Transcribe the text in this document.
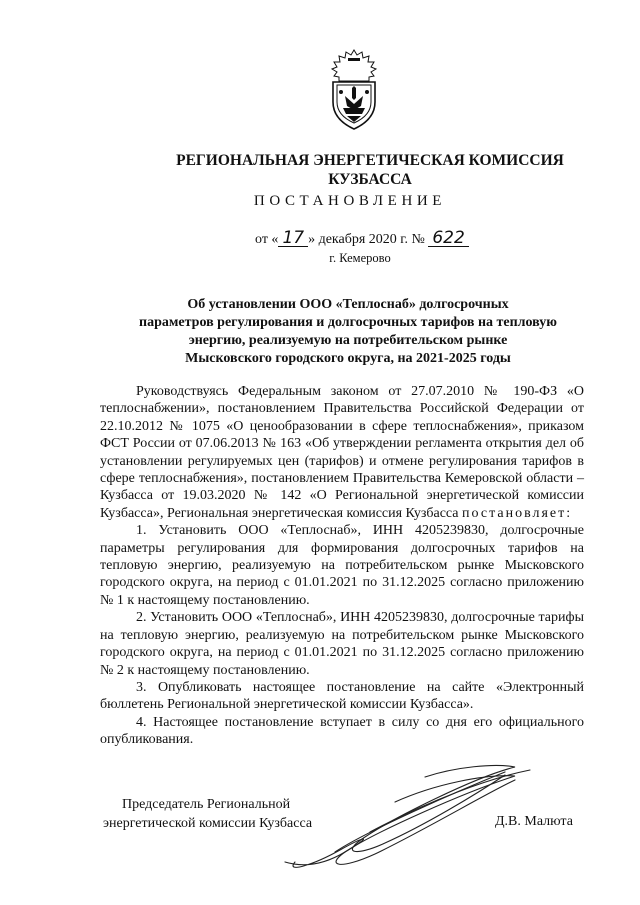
РЕГИОНАЛЬНАЯ ЭНЕРГЕТИЧЕСКАЯ КОМИССИЯ
КУЗБАССА
ПОСТАНОВЛЕНИЕ
от « 17 » декабря 2020 г. № 622
г. Кемерово
Об установлении ООО «Теплоснаб» долгосрочных
параметров регулирования и долгосрочных тарифов на тепловую
энергию, реализуемую на потребительском рынке
Мысковского городского округа, на 2021-2025 годы

Руководствуясь Федеральным законом от 27.07.2010 № 190-ФЗ «О теплоснабжении», постановлением Правительства Российской Федерации от 22.10.2012 № 1075 «О ценообразовании в сфере теплоснабжения», приказом ФСТ России от 07.06.2013 № 163 «Об утверждении регламента открытия дел об установлении регулируемых цен (тарифов) и отмене регулирования тарифов в сфере теплоснабжения», постановлением Правительства Кемеровской области – Кузбасса от 19.03.2020 № 142 «О Региональной энергетической комиссии Кузбасса», Региональная энергетическая комиссия Кузбасса постановляет:

1. Установить ООО «Теплоснаб», ИНН 4205239830, долгосрочные параметры регулирования для формирования долгосрочных тарифов на тепловую энергию, реализуемую на потребительском рынке Мысковского городского округа, на период с 01.01.2021 по 31.12.2025 согласно приложению № 1 к настоящему постановлению.

2. Установить ООО «Теплоснаб», ИНН 4205239830, долгосрочные тарифы на тепловую энергию, реализуемую на потребительском рынке Мысковского городского округа, на период с 01.01.2021 по 31.12.2025 согласно приложению № 2 к настоящему постановлению.

3. Опубликовать настоящее постановление на сайте «Электронный бюллетень Региональной энергетической комиссии Кузбасса».

4. Настоящее постановление вступает в силу со дня его официального опубликования.

Председатель Региональной
энергетической комиссии Кузбасса	Д.В. Малюта
